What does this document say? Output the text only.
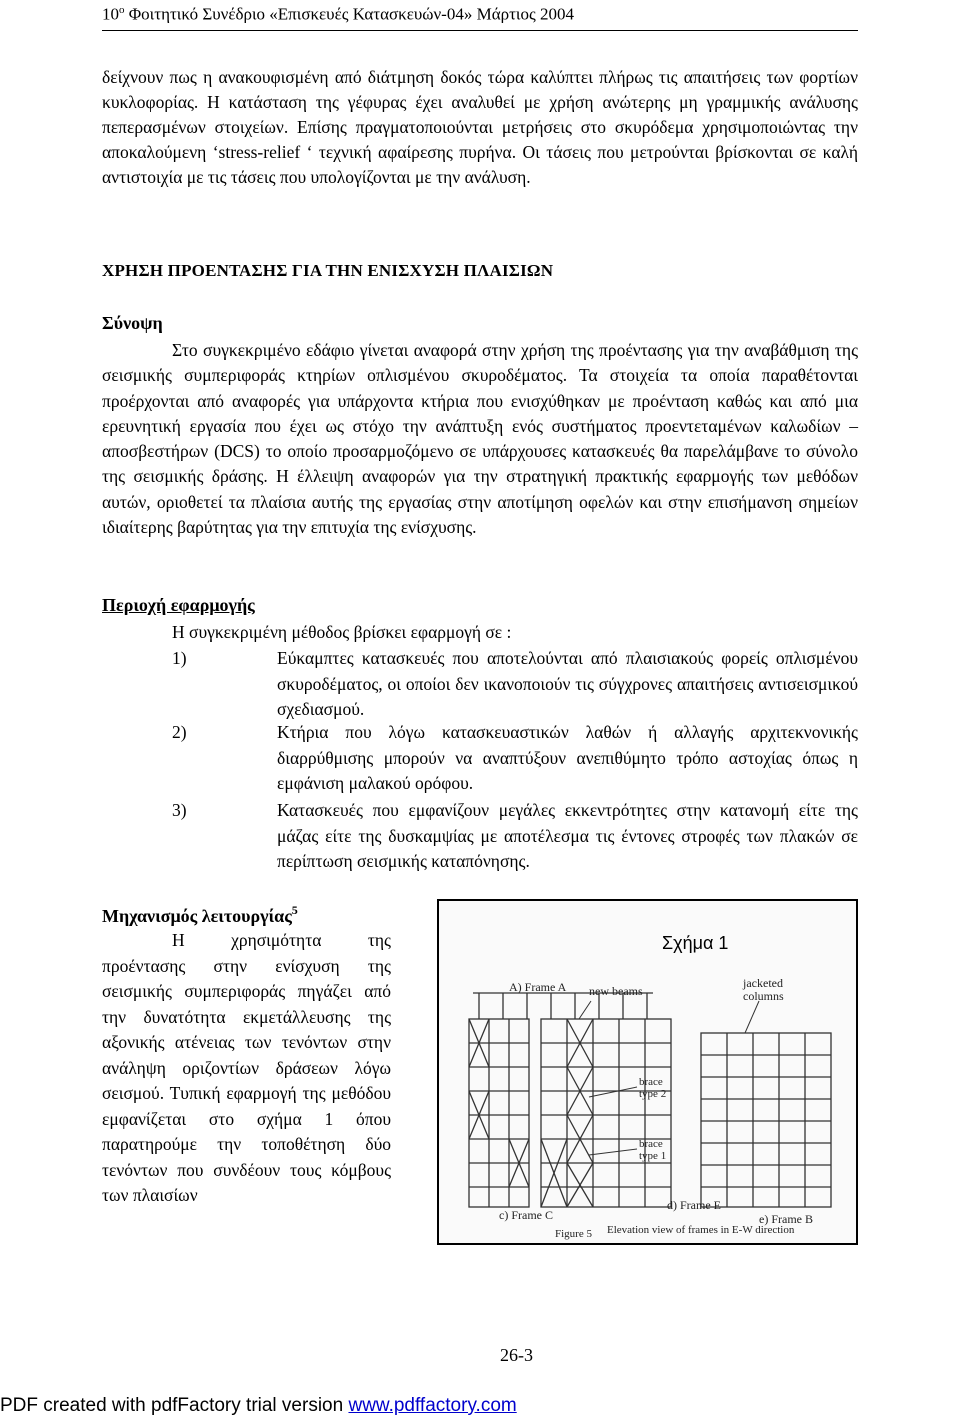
$10^o$ Φοιτητικό Συνέδριο «Επισκευές Κατασκευών-04» Μάρτιος 2004
δείχνουν πως η ανακουφισμένη από διάτμηση δοκός τώρα καλύπτει πλήρως τις απαιτήσεις των φορτίων κυκλοφορίας. Η κατάσταση της γέφυρας έχει αναλυθεί με χρήση ανώτερης μη γραμμικής ανάλυσης πεπερασμένων στοιχείων. Επίσης πραγματοποιούνται μετρήσεις στο σκυρόδεμα χρησιμοποιώντας την αποκαλούμενη ‘stress-relief ‘ τεχνική αφαίρεσης πυρήνα. Οι τάσεις που μετρούνται βρίσκονται σε καλή αντιστοιχία με τις τάσεις που υπολογίζονται με την ανάλυση.
ΧΡΗΣΗ ΠΡΟΕΝΤΑΣΗΣ ΓΙΑ ΤΗΝ ΕΝΙΣΧΥΣΗ ΠΛΑΙΣΙΩΝ
Σύνοψη
Στο συγκεκριμένο εδάφιο γίνεται αναφορά στην χρήση της προέντασης για την αναβάθμιση της σεισμικής συμπεριφοράς κτηρίων οπλισμένου σκυροδέματος. Τα στοιχεία τα οποία παραθέτονται προέρχονται από αναφορές για υπάρχοντα κτήρια που ενισχύθηκαν με προένταση καθώς και από μια ερευνητική εργασία που έχει ως στόχο την ανάπτυξη ενός συστήματος προεντεταμένων καλωδίων –αποσβεστήρων (DCS) το οποίο προσαρμοζόμενο σε υπάρχουσες κατασκευές θα παρελάμβανε το σύνολο της σεισμικής δράσης. Η έλλειψη αναφορών για την στρατηγική πρακτικής εφαρμογής των μεθόδων αυτών, οριοθετεί τα πλαίσια αυτής της εργασίας στην αποτίμηση οφελών και στην επισήμανση σημείων ιδιαίτερης βαρύτητας για την επιτυχία της ενίσχυσης.
Περιοχή εφαρμογής
Η συγκεκριμένη μέθοδος βρίσκει εφαρμογή σε :
1)	Εύκαμπτες κατασκευές που αποτελούνται από πλαισιακούς φορείς οπλισμένου σκυροδέματος, οι οποίοι δεν ικανοποιούν τις σύγχρονες απαιτήσεις αντισεισμικού σχεδιασμού.
2)	Κτήρια που λόγω κατασκευαστικών λαθών ή αλλαγής αρχιτεκνονικής διαρρύθμισης μπορούν να αναπτύξουν ανεπιθύμητο τρόπο αστοχίας όπως η εμφάνιση μαλακού ορόφου.
3)	Κατασκευές που εμφανίζουν μεγάλες εκκεντρότητες στην κατανομή είτε της μάζας είτε της δυσκαμψίας με αποτέλεσμα τις έντονες στροφές των πλακών σε περίπτωση σεισμικής καταπόνησης.
Μηχανισμός λειτουργίας$^5$
Η χρησιμότητα της προέντασης στην ενίσχυση της σεισμικής συμπεριφοράς πηγάζει από την δυνατότητα εκμετάλλευσης της αξονικής ατένειας των τενόντων στην ανάληψη οριζοντίων δράσεων λόγω σεισμού. Τυπική εφαρμογή της μεθόδου εμφανίζεται στο σχήμα 1 όπου παρατηρούμε την τοποθέτηση δύο τενόντων που συνδέουν τους κόμβους των πλαισίων
A) Frame A new beams
jacketed
columns
brace
type 2
brace
type 1
c) Frame C
d) Frame E
e) Frame B
Figure 5 Elevation view of frames in E-W direction
Σχήμα 1
26-3
PDF created with pdfFactory trial version www.pdffactory.com
